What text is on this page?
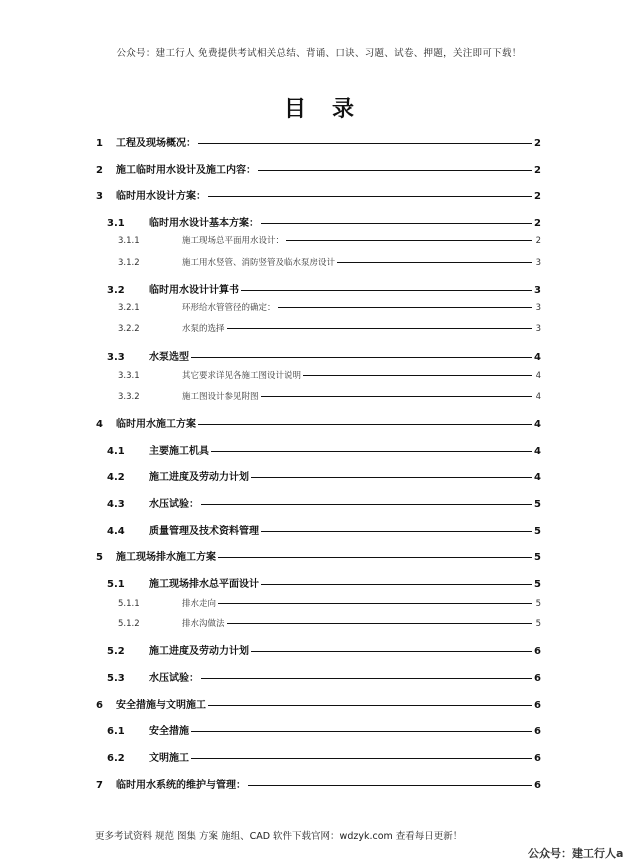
公众号：建工行人 免费提供考试相关总结、背诵、口诀、习题、试卷、押题，关注即可下载！
目录
1	工程及现场概况：	2
2	施工临时用水设计及施工内容：	2
3	临时用水设计方案：	2
3.1	临时用水设计基本方案：	2
3.1.1	施工现场总平面用水设计：	2
3.1.2	施工用水竖管、消防竖管及临水泵房设计	3
3.2	临时用水设计计算书	3
3.2.1	环形给水管管径的确定：	3
3.2.2	水泵的选择	3
3.3	水泵选型	4
3.3.1	其它要求详见各施工图设计说明	4
3.3.2	施工图设计参见附图	4
4	临时用水施工方案	4
4.1	主要施工机具	4
4.2	施工进度及劳动力计划	4
4.3	水压试验：	5
4.4	质量管理及技术资料管理	5
5	施工现场排水施工方案	5
5.1	施工现场排水总平面设计	5
5.1.1	排水走向	5
5.1.2	排水沟做法	5
5.2	施工进度及劳动力计划	6
5.3	水压试验：	6
6	安全措施与文明施工	6
6.1	安全措施	6
6.2	文明施工	6
7	临时用水系统的维护与管理：	6
更多考试资料 规范 图集 方案 施组、CAD 软件下载官网：wdzyk.com 查看每日更新！
公众号：建工行人a
